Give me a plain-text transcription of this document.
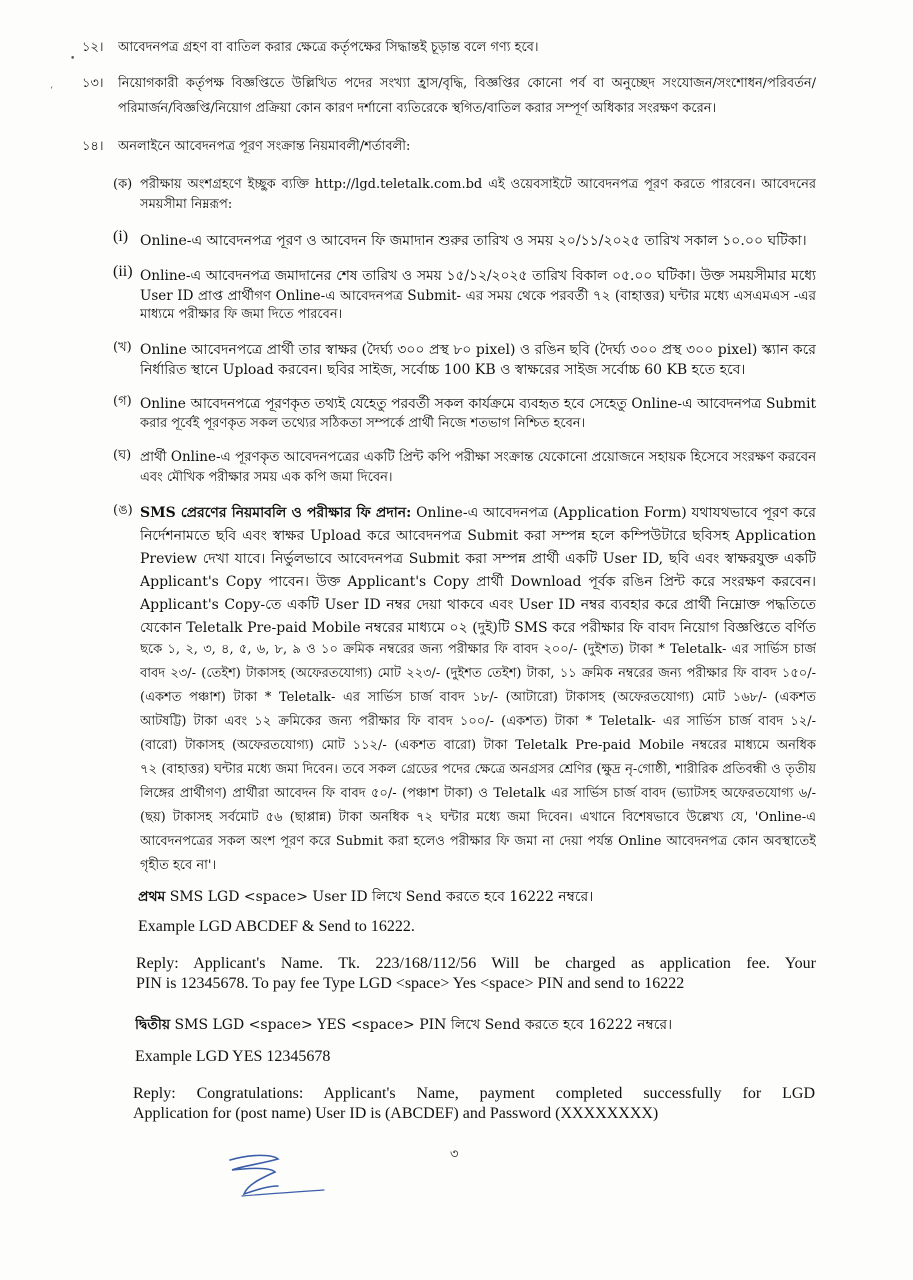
১২। আবেদনপত্র গ্রহণ বা বাতিল করার ক্ষেত্রে কর্তৃপক্ষের সিদ্ধান্তই চূড়ান্ত বলে গণ্য হবে।
১৩। নিয়োগকারী কর্তৃপক্ষ বিজ্ঞপ্তিতে উল্লিখিত পদের সংখ্যা হ্রাস/বৃদ্ধি, বিজ্ঞপ্তির কোনো পর্ব বা অনুচ্ছেদ সংযোজন/সংশোধন/পরিবর্তন/
পরিমার্জন/বিজ্ঞপ্তি/নিয়োগ প্রক্রিয়া কোন কারণ দর্শানো ব্যতিরেকে স্থগিত/বাতিল করার সম্পূর্ণ অধিকার সংরক্ষণ করেন।
১৪। অনলাইনে আবেদনপত্র পূরণ সংক্রান্ত নিয়মাবলী/শর্তাবলী:
(ক) পরীক্ষায় অংশগ্রহণে ইচ্ছুক ব্যক্তি http://lgd.teletalk.com.bd এই ওয়েবসাইটে আবেদনপত্র পূরণ করতে পারবেন। আবেদনের
সময়সীমা নিম্নরূপ:
(i) Online-এ আবেদনপত্র পূরণ ও আবেদন ফি জমাদান শুরুর তারিখ ও সময় ২০/১১/২০২৫ তারিখ সকাল ১০.০০ ঘটিকা।
(ii) Online-এ আবেদনপত্র জমাদানের শেষ তারিখ ও সময় ১৫/১২/২০২৫ তারিখ বিকাল ০৫.০০ ঘটিকা। উক্ত সময়সীমার মধ্যে
User ID প্রাপ্ত প্রার্থীগণ Online-এ আবেদনপত্র Submit- এর সময় থেকে পরবর্তী ৭২ (বাহাত্তর) ঘন্টার মধ্যে এসএমএস -এর
মাধ্যমে পরীক্ষার ফি জমা দিতে পারবেন।
(খ) Online আবেদনপত্রে প্রার্থী তার স্বাক্ষর (দৈর্ঘ্য ৩০০ প্রস্থ ৮০ pixel) ও রঙিন ছবি (দৈর্ঘ্য ৩০০ প্রস্থ ৩০০ pixel) স্ক্যান করে
নির্ধারিত স্থানে Upload করবেন। ছবির সাইজ, সর্বোচ্চ 100 KB ও স্বাক্ষরের সাইজ সর্বোচ্চ 60 KB হতে হবে।
(গ) Online আবেদনপত্রে পূরণকৃত তথ্যই যেহেতু পরবর্তী সকল কার্যক্রমে ব্যবহৃত হবে সেহেতু Online-এ আবেদনপত্র Submit
করার পূর্বেই পূরণকৃত সকল তথ্যের সঠিকতা সম্পর্কে প্রার্থী নিজে শতভাগ নিশ্চিত হবেন।
(ঘ) প্রার্থী Online-এ পূরণকৃত আবেদনপত্রের একটি প্রিন্ট কপি পরীক্ষা সংক্রান্ত যেকোনো প্রয়োজনে সহায়ক হিসেবে সংরক্ষণ করবেন
এবং মৌখিক পরীক্ষার সময় এক কপি জমা দিবেন।
(ঙ) SMS প্রেরণের নিয়মাবলি ও পরীক্ষার ফি প্রদান: Online-এ আবেদনপত্র (Application Form) যথাযথভাবে পূরণ করে
নির্দেশনামতে ছবি এবং স্বাক্ষর Upload করে আবেদনপত্র Submit করা সম্পন্ন হলে কম্পিউটারে ছবিসহ Application
Preview দেখা যাবে। নির্ভুলভাবে আবেদনপত্র Submit করা সম্পন্ন প্রার্থী একটি User ID, ছবি এবং স্বাক্ষরযুক্ত একটি
Applicant's Copy পাবেন। উক্ত Applicant's Copy প্রার্থী Download পূর্বক রঙিন প্রিন্ট করে সংরক্ষণ করবেন।
Applicant's Copy-তে একটি User ID নম্বর দেয়া থাকবে এবং User ID নম্বর ব্যবহার করে প্রার্থী নিম্নোক্ত পদ্ধতিতে
যেকোন Teletalk Pre-paid Mobile নম্বরের মাধ্যমে ০২ (দুই)টি SMS করে পরীক্ষার ফি বাবদ নিয়োগ বিজ্ঞপ্তিতে বর্ণিত
ছকে ১, ২, ৩, ৪, ৫, ৬, ৮, ৯ ও ১০ ক্রমিক নম্বরের জন্য পরীক্ষার ফি বাবদ ২০০/- (দুইশত) টাকা * Teletalk- এর সার্ভিস চার্জ
বাবদ ২৩/- (তেইশ) টাকাসহ (অফেরতযোগ্য) মোট ২২৩/- (দুইশত তেইশ) টাকা, ১১ ক্রমিক নম্বরের জন্য পরীক্ষার ফি বাবদ ১৫০/-
(একশত পঞ্চাশ) টাকা * Teletalk- এর সার্ভিস চার্জ বাবদ ১৮/- (আটারো) টাকাসহ (অফেরতযোগ্য) মোট ১৬৮/- (একশত
আটষট্টি) টাকা এবং ১২ ক্রমিকের জন্য পরীক্ষার ফি বাবদ ১০০/- (একশত) টাকা * Teletalk- এর সার্ভিস চার্জ বাবদ ১২/-
(বারো) টাকাসহ (অফেরতযোগ্য) মোট ১১২/- (একশত বারো) টাকা Teletalk Pre-paid Mobile নম্বরের মাধ্যমে অনধিক
৭২ (বাহাত্তর) ঘন্টার মধ্যে জমা দিবেন। তবে সকল গ্রেডের পদের ক্ষেত্রে অনগ্রসর শ্রেণির (ক্ষুদ্র নৃ-গোষ্ঠী, শারীরিক প্রতিবন্ধী ও তৃতীয়
লিঙ্গের প্রার্থীগণ) প্রার্থীরা আবেদন ফি বাবদ ৫০/- (পঞ্চাশ টাকা) ও Teletalk এর সার্ভিস চার্জ বাবদ (ভ্যাটসহ অফেরতযোগ্য ৬/-
(ছয়) টাকাসহ সর্বমোট ৫৬ (ছাপ্পান্ন) টাকা অনধিক ৭২ ঘন্টার মধ্যে জমা দিবেন। এখানে বিশেষভাবে উল্লেখ্য যে, 'Online-এ
আবেদনপত্রের সকল অংশ পূরণ করে Submit করা হলেও পরীক্ষার ফি জমা না দেয়া পর্যন্ত Online আবেদনপত্র কোন অবস্থাতেই
গৃহীত হবে না'।
প্রথম SMS LGD <space> User ID লিখে Send করতে হবে 16222 নম্বরে।
Example LGD ABCDEF & Send to 16222.
Reply: Applicant's Name. Tk. 223/168/112/56 Will be charged as application fee. Your
PIN is 12345678. To pay fee Type LGD <space> Yes <space> PIN and send to 16222
দ্বিতীয় SMS LGD <space> YES <space> PIN লিখে Send করতে হবে 16222 নম্বরে।
Example LGD YES 12345678
Reply: Congratulations: Applicant's Name, payment completed successfully for LGD
Application for (post name) User ID is (ABCDEF) and Password (XXXXXXXX)
৩
•
ʻ
